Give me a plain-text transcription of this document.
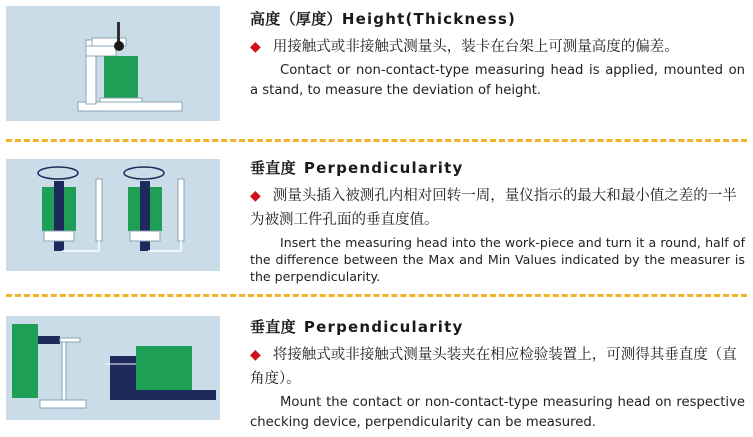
高度（厚度）Height(Thickness)

◆ 用接触式或非接触式测量头，装卡在台架上可测量高度的偏差。

Contact or non-contact-type measuring head is applied, mounted on a stand, to measure the deviation of height.

垂直度 Perpendicularity

◆ 测量头插入被测孔内相对回转一周，量仪指示的最大和最小值之差的一半为被测工件孔面的垂直度值。

Insert the measuring head into the work-piece and turn it a round, half of the difference between the Max and Min Values indicated by the measurer is the perpendicularity.

垂直度 Perpendicularity

◆ 将接触式或非接触式测量头装夹在相应检验装置上，可测得其垂直度（直角度）。

Mount the contact or non-contact-type measuring head on respective checking device, perpendicularity can be measured.
